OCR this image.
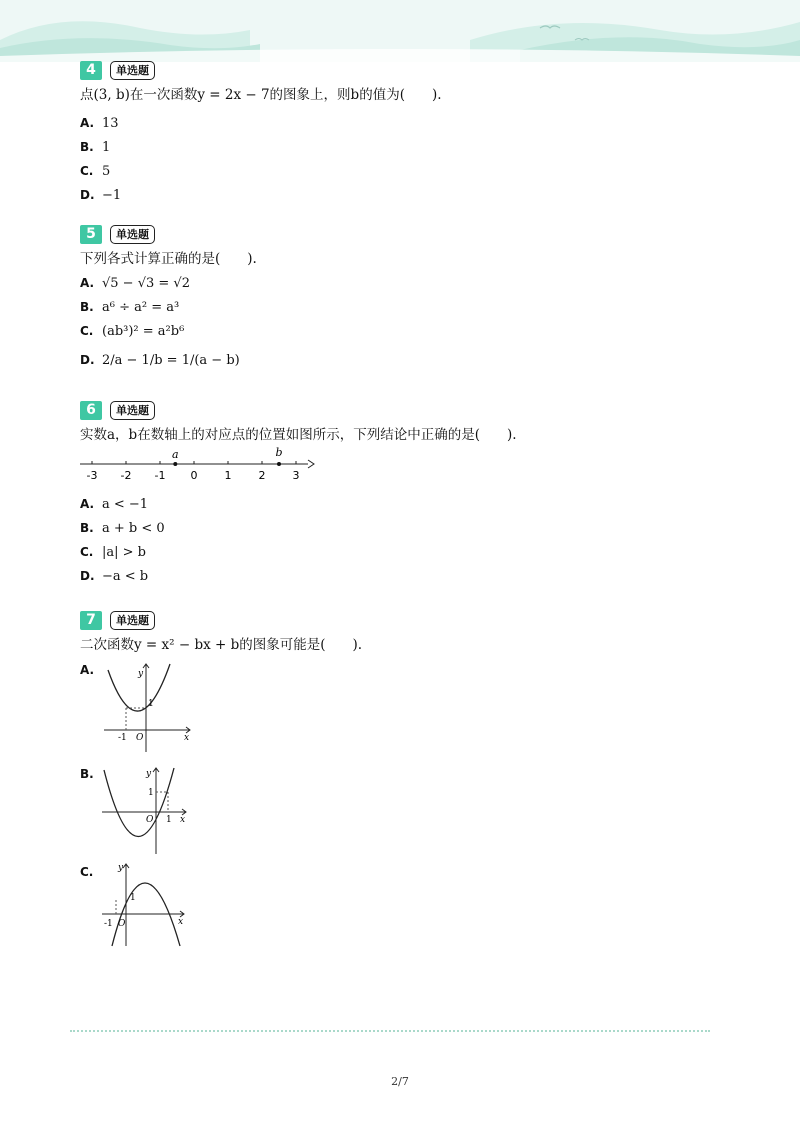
4	单选题
点(3, b)在一次函数y = 2x − 7的图象上，则b的值为(　　).
A. 13
B. 1
C. 5
D. −1
5	单选题
下列各式计算正确的是(　　).
A. √5 − √3 = √2
B. a⁶ ÷ a² = a³
C. (ab³)² = a²b⁶
D. 2/a − 1/b = 1/(a − b)
6	单选题
实数a，b在数轴上的对应点的位置如图所示，下列结论中正确的是(　　).
-3 -2 -1 0 1 2 3
a	b
A. a < −1
B. a + b < 0
C. |a| > b
D. −a < b
7	单选题
二次函数y = x² − bx + b的图象可能是(　　).
A.	y
x
O
1
-1
B.	y
x
O
1
1
C.	y
x
O
1
-1
2/7
